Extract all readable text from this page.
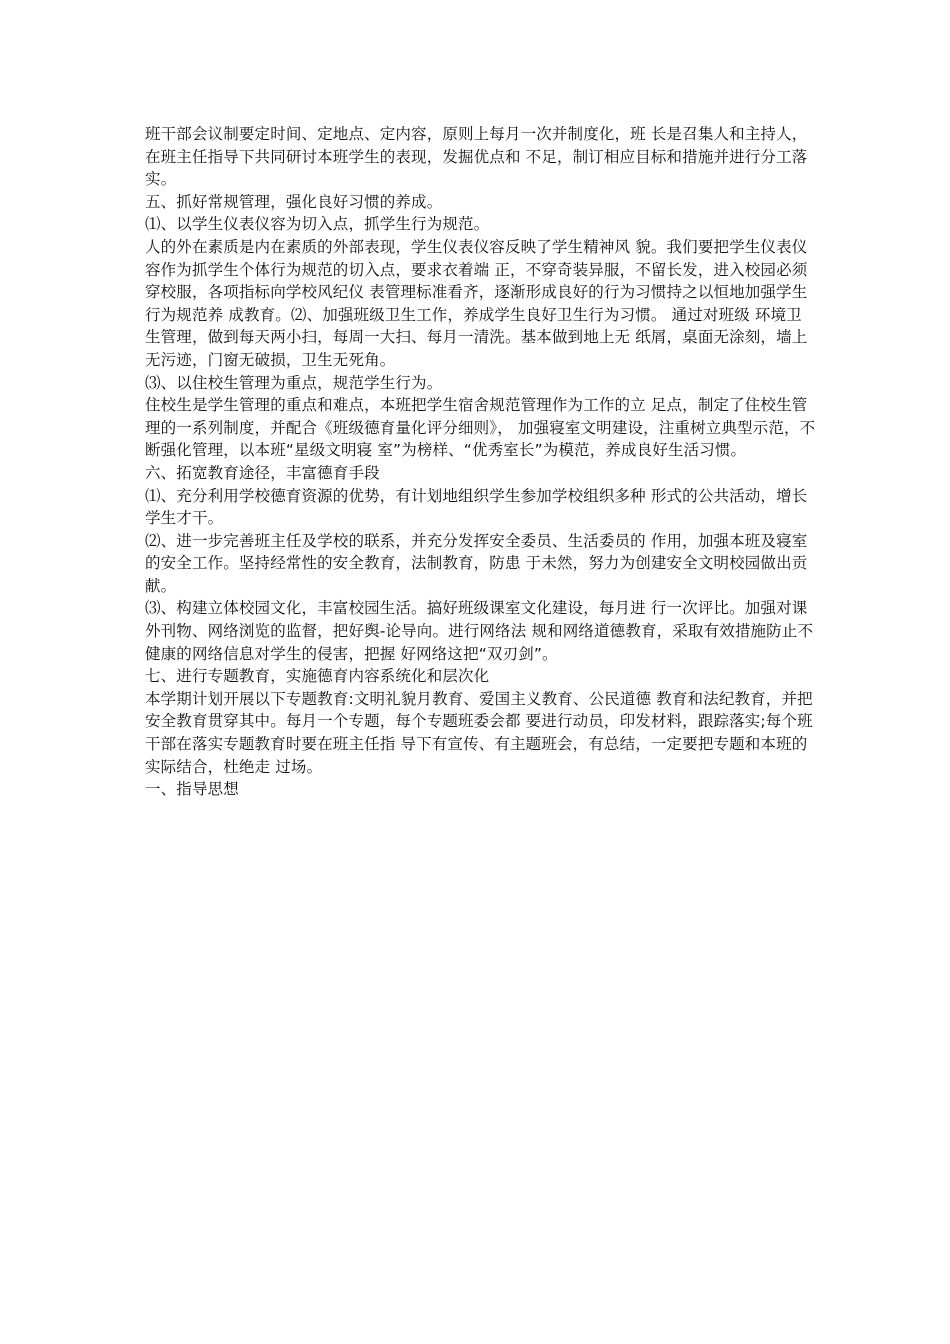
班干部会议制要定时间、定地点、定内容，原则上每月一次并制度化，班 长是召集人和主持人，在班主任指导下共同研讨本班学生的表现，发掘优点和 不足，制订相应目标和措施并进行分工落实。

五、抓好常规管理，强化良好习惯的养成。

⑴、以学生仪表仪容为切入点，抓学生行为规范。

人的外在素质是内在素质的外部表现，学生仪表仪容反映了学生精神风 貌。我们要把学生仪表仪容作为抓学生个体行为规范的切入点，要求衣着端 正，不穿奇装异服，不留长发，进入校园必须穿校服，各项指标向学校风纪仪 表管理标准看齐，逐渐形成良好的行为习惯持之以恒地加强学生行为规范养 成教育。⑵、加强班级卫生工作，养成学生良好卫生行为习惯。 通过对班级 环境卫生管理，做到每天两小扫，每周一大扫、每月一清洗。基本做到地上无 纸屑，桌面无涂刻，墙上无污迹，门窗无破损，卫生无死角。

⑶、以住校生管理为重点，规范学生行为。

住校生是学生管理的重点和难点，本班把学生宿舍规范管理作为工作的立 足点，制定了住校生管理的一系列制度，并配合《班级德育量化评分细则》， 加强寝室文明建设，注重树立典型示范，不断强化管理，以本班“星级文明寝 室”为榜样、“优秀室长”为模范，养成良好生活习惯。

六、拓宽教育途径，丰富德育手段

⑴、充分利用学校德育资源的优势，有计划地组织学生参加学校组织多种 形式的公共活动，增长学生才干。

⑵、进一步完善班主任及学校的联系，并充分发挥安全委员、生活委员的 作用，加强本班及寝室的安全工作。坚持经常性的安全教育，法制教育，防患 于未然，努力为创建安全文明校园做出贡献。

⑶、构建立体校园文化，丰富校园生活。搞好班级课室文化建设，每月进 行一次评比。加强对课外刊物、网络浏览的监督，把好舆-论导向。进行网络法 规和网络道德教育，采取有效措施防止不健康的网络信息对学生的侵害，把握 好网络这把“双刃剑”。

七、进行专题教育，实施德育内容系统化和层次化

本学期计划开展以下专题教育:文明礼貌月教育、爱国主义教育、公民道德 教育和法纪教育，并把安全教育贯穿其中。每月一个专题，每个专题班委会都 要进行动员，印发材料，跟踪落实;每个班干部在落实专题教育时要在班主任指 导下有宣传、有主题班会，有总结，一定要把专题和本班的实际结合，杜绝走 过场。

一、指导思想
